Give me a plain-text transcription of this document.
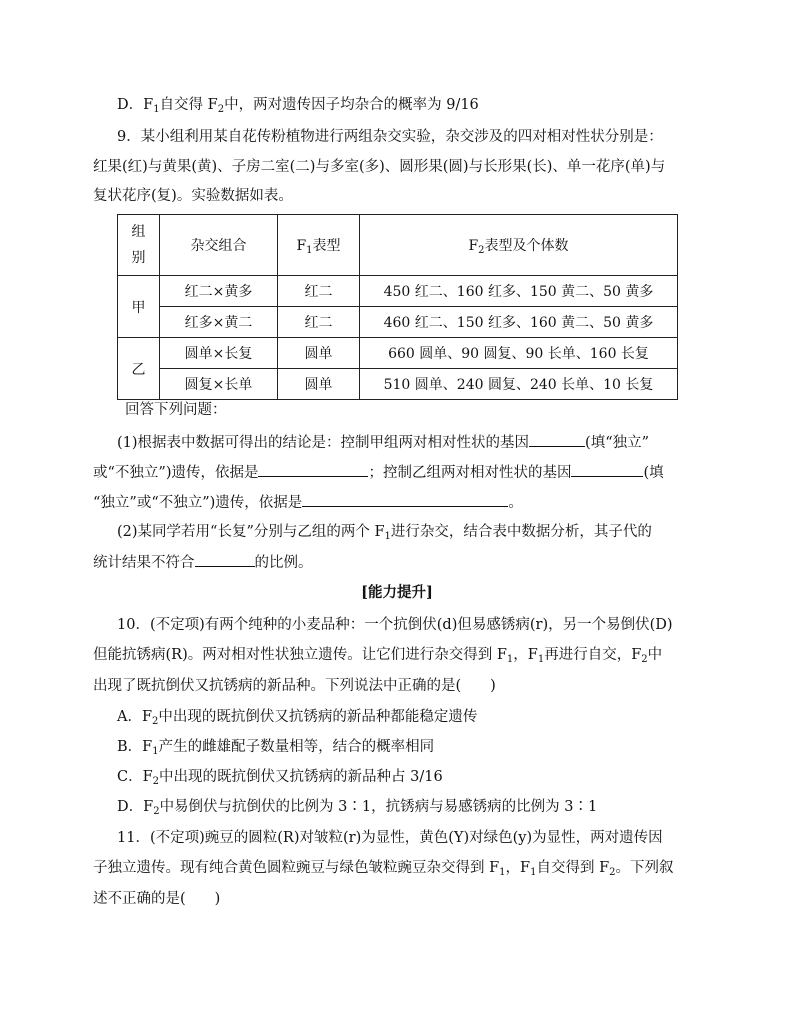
D．$F_1$自交得 $F_2$中，两对遗传因子均杂合的概率为 9/16
9．某小组利用某自花传粉植物进行两组杂交实验，杂交涉及的四对相对性状分别是：
红果(红)与黄果(黄)、子房二室(二)与多室(多)、圆形果(圆)与长形果(长)、单一花序(单)与
复状花序(复)。实验数据如表。
组
别	杂交组合	$F_1$表型	$F_2$表型及个体数
甲	红二×黄多	红二	450 红二、160 红多、150 黄二、50 黄多
	红多×黄二	红二	460 红二、150 红多、160 黄二、50 黄多
乙	圆单×长复	圆单	660 圆单、90 圆复、90 长单、160 长复
	圆复×长单	圆单	510 圆单、240 圆复、240 长单、10 长复
回答下列问题：
(1)根据表中数据可得出的结论是：控制甲组两对相对性状的基因	(填“独立”
或“不独立”)遗传，依据是	；控制乙组两对相对性状的基因	(填
“独立”或“不独立”)遗传，依据是	。
(2)某同学若用“长复”分别与乙组的两个 $F_1$进行杂交，结合表中数据分析，其子代的
统计结果不符合	的比例。
[能力提升]
10．(不定项)有两个纯种的小麦品种：一个抗倒伏(d)但易感锈病(r)，另一个易倒伏(D)
但能抗锈病(R)。两对相对性状独立遗传。让它们进行杂交得到 $F_1$，$F_1$再进行自交，$F_2$中
出现了既抗倒伏又抗锈病的新品种。下列说法中正确的是(　　)
A．$F_2$中出现的既抗倒伏又抗锈病的新品种都能稳定遗传
B．$F_1$产生的雌雄配子数量相等，结合的概率相同
C．$F_2$中出现的既抗倒伏又抗锈病的新品种占 3/16
D．$F_2$中易倒伏与抗倒伏的比例为 3∶1，抗锈病与易感锈病的比例为 3∶1
11．(不定项)豌豆的圆粒(R)对皱粒(r)为显性，黄色(Y)对绿色(y)为显性，两对遗传因
子独立遗传。现有纯合黄色圆粒豌豆与绿色皱粒豌豆杂交得到 $F_1$，$F_1$自交得到 $F_2$。下列叙
述不正确的是(　　)
